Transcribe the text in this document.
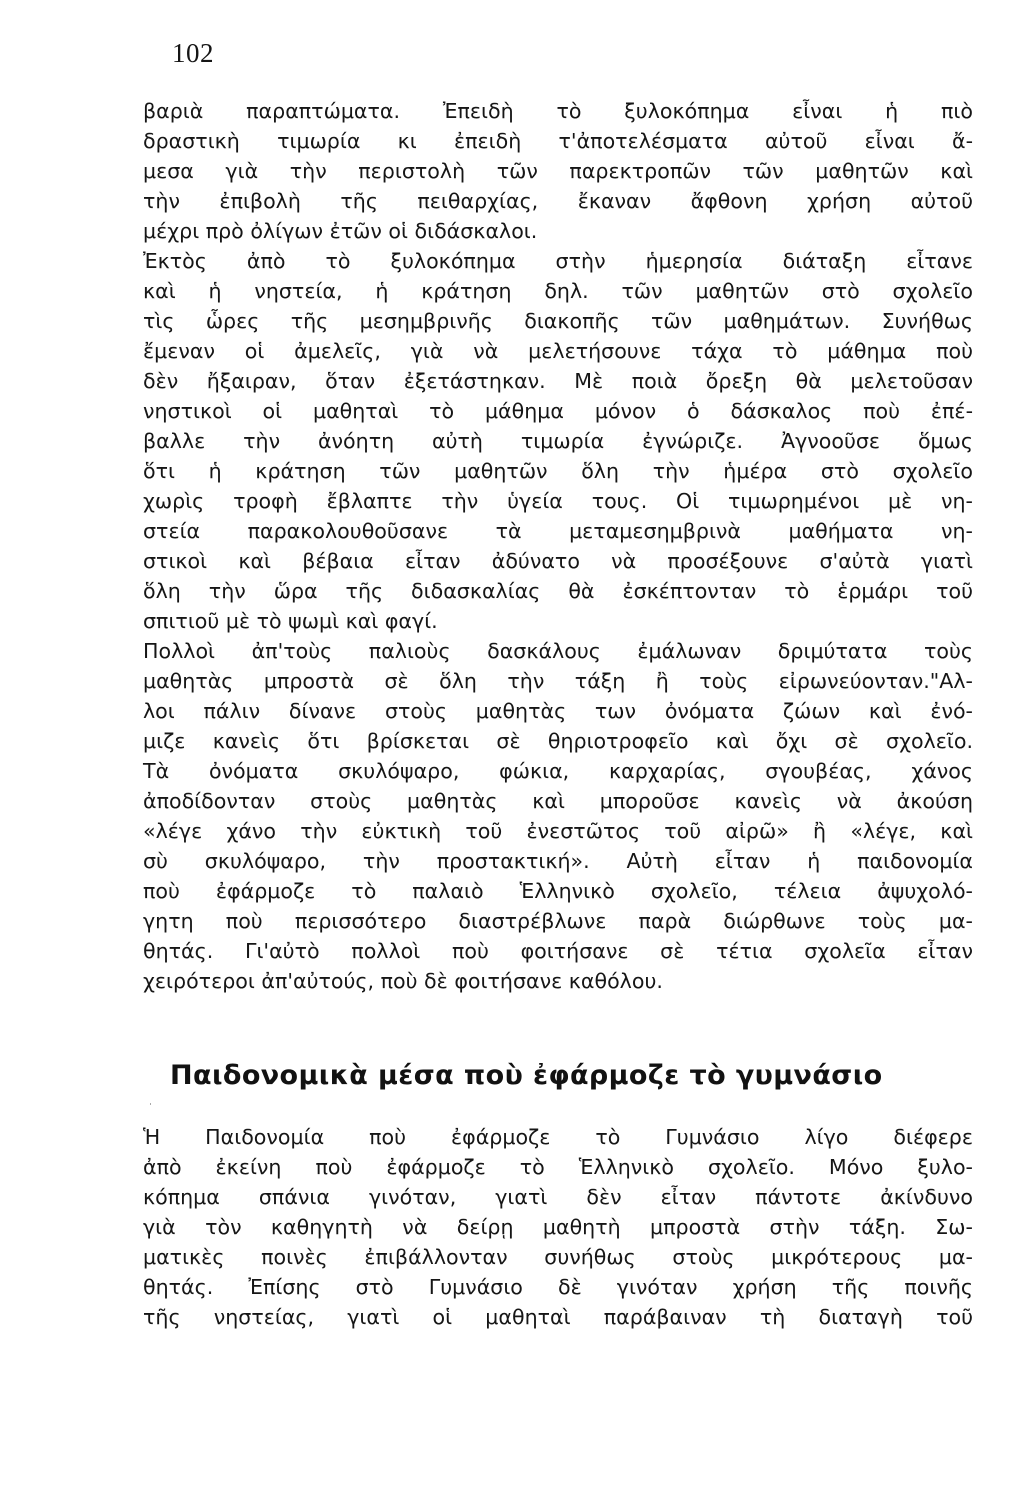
102
βαριὰ παραπτώματα. Ἐπειδὴ τὸ ξυλοκόπημα εἶναι ἡ πιὸ
δραστικὴ τιμωρία κι ἐπειδὴ τ'ἀποτελέσματα αὐτοῦ εἶναι ἄ-
μεσα γιὰ τὴν περιστολὴ τῶν παρεκτροπῶν τῶν μαθητῶν καὶ
τὴν ἐπιβολὴ τῆς πειθαρχίας, ἔκαναν ἄφθονη χρήση αὐτοῦ
μέχρι πρὸ ὀλίγων ἐτῶν οἱ διδάσκαλοι.
Ἐκτὸς ἀπὸ τὸ ξυλοκόπημα στὴν ἡμερησία διάταξη εἶτανε
καὶ ἡ νηστεία, ἡ κράτηση δηλ. τῶν μαθητῶν στὸ σχολεῖο
τὶς ὧρες τῆς μεσημβρινῆς διακοπῆς τῶν μαθημάτων. Συνήθως
ἔμεναν οἱ ἀμελεῖς, γιὰ νὰ μελετήσουνε τάχα τὸ μάθημα ποὺ
δὲν ἤξαιραν, ὅταν ἐξετάστηκαν. Μὲ ποιὰ ὄρεξη θὰ μελετοῦσαν
νηστικοὶ οἱ μαθηταὶ τὸ μάθημα μόνον ὁ δάσκαλος ποὺ ἐπέ-
βαλλε τὴν ἀνόητη αὐτὴ τιμωρία ἐγνώριζε. Ἀγνοοῦσε ὅμως
ὅτι ἡ κράτηση τῶν μαθητῶν ὅλη τὴν ἡμέρα στὸ σχολεῖο
χωρὶς τροφὴ ἔβλαπτε τὴν ὑγεία τους. Οἱ τιμωρημένοι μὲ νη-
στεία παρακολουθοῦσανε τὰ μεταμεσημβρινὰ μαθήματα νη-
στικοὶ καὶ βέβαια εἶταν ἀδύνατο νὰ προσέξουνε σ'αὐτὰ γιατὶ
ὅλη τὴν ὥρα τῆς διδασκαλίας θὰ ἐσκέπτονταν τὸ ἑρμάρι τοῦ
σπιτιοῦ μὲ τὸ ψωμὶ καὶ φαγί.
Πολλοὶ ἀπ'τοὺς παλιοὺς δασκάλους ἐμάλωναν δριμύτατα τοὺς
μαθητὰς μπροστὰ σὲ ὅλη τὴν τάξη ἢ τοὺς εἰρωνεύονταν."Αλ-
λοι πάλιν δίνανε στοὺς μαθητὰς των ὀνόματα ζώων καὶ ἐνό-
μιζε κανεὶς ὅτι βρίσκεται σὲ θηριοτροφεῖο καὶ ὄχι σὲ σχολεῖο.
Τὰ ὀνόματα σκυλόψαρο, φώκια, καρχαρίας, σγουβέας, χάνος
ἀποδίδονταν στοὺς μαθητὰς καὶ μποροῦσε κανεὶς νὰ ἀκούση
«λέγε χάνο τὴν εὐκτικὴ τοῦ ἐνεστῶτος τοῦ αἰρῶ» ἢ «λέγε, καὶ
σὺ σκυλόψαρο, τὴν προστακτική». Αὐτὴ εἶταν ἡ παιδονομία
ποὺ ἐφάρμοζε τὸ παλαιὸ Ἑλληνικὸ σχολεῖο, τέλεια ἀψυχολό-
γητη ποὺ περισσότερο διαστρέβλωνε παρὰ διώρθωνε τοὺς μα-
θητάς. Γι'αὐτὸ πολλοὶ ποὺ φοιτήσανε σὲ τέτια σχολεῖα εἶταν
χειρότεροι ἀπ'αὐτούς, ποὺ δὲ φοιτήσανε καθόλου.
Παιδονομικὰ μέσα ποὺ ἐφάρμοζε τὸ γυμνάσιο
˙
Ἡ Παιδονομία ποὺ ἐφάρμοζε τὸ Γυμνάσιο λίγο διέφερε
ἀπὸ ἐκείνη ποὺ ἐφάρμοζε τὸ Ἑλληνικὸ σχολεῖο. Μόνο ξυλο-
κόπημα σπάνια γινόταν, γιατὶ δὲν εἶταν πάντοτε ἀκίνδυνο
γιὰ τὸν καθηγητὴ νὰ δείρῃ μαθητὴ μπροστὰ στὴν τάξη. Σω-
ματικὲς ποινὲς ἐπιβάλλονταν συνήθως στοὺς μικρότερους μα-
θητάς. Ἐπίσης στὸ Γυμνάσιο δὲ γινόταν χρήση τῆς ποινῆς
τῆς νηστείας, γιατὶ οἱ μαθηταὶ παράβαιναν τὴ διαταγὴ τοῦ
